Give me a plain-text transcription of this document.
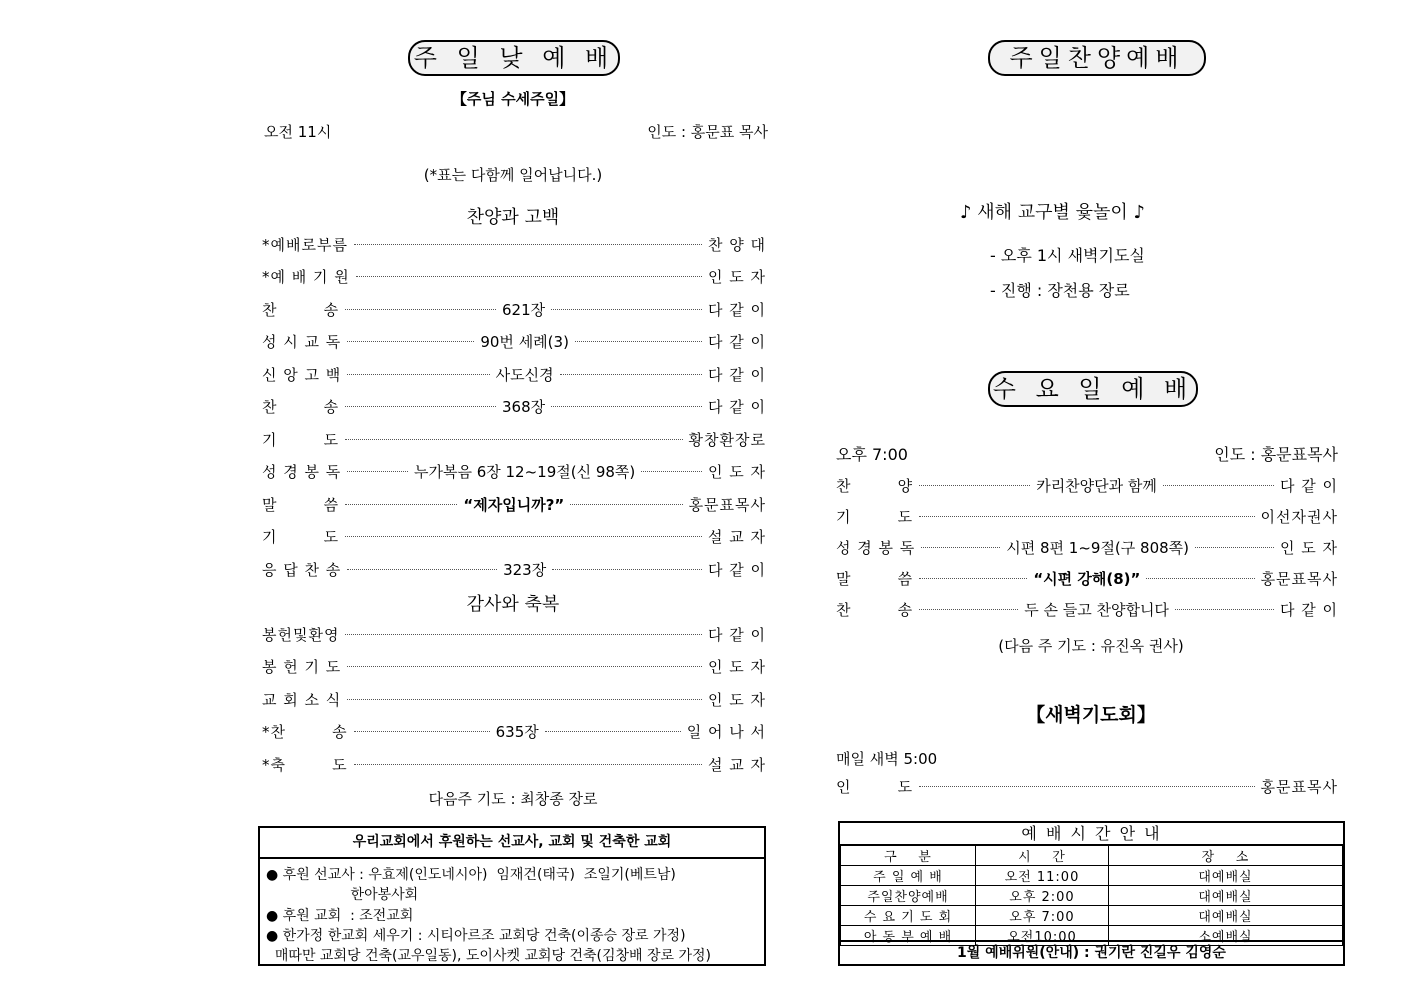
주 일 낮 예 배
【주님 수세주일】
오전 11시	인도 : 홍문표 목사
(*표는 다함께 일어납니다.)
찬양과 고백
*예배로부름	찬 양 대
*예 배 기 원	인 도 자
찬        송	621장	다 같 이
성 시 교 독	90번 세례(3)	다 같 이
신 앙 고 백	사도신경	다 같 이
찬        송	368장	다 같 이
기        도	황창환장로
성 경 봉 독	누가복음 6장 12~19절(신 98쪽)	인 도 자
말        씀	“제자입니까?”	홍문표목사
기        도	설 교 자
응 답 찬 송	323장	다 같 이
감사와 축복
봉헌및환영	다 같 이
봉 헌 기 도	인 도 자
교 회 소 식	인 도 자
*찬        송	635장	일 어 나 서
*축        도	설 교 자
다음주 기도 : 최창종 장로
우리교회에서 후원하는 선교사, 교회 및 건축한 교회
● 후원 선교사 : 우효제(인도네시아)  임재건(태국)  조일기(베트남)
한아봉사회
● 후원 교회  : 조전교회
● 한가정 한교회 세우기 : 시티아르조 교회당 건축(이종승 장로 가정)
매따만 교회당 건축(교우일동), 도이사켓 교회당 건축(김창배 장로 가정)
주일찬양예배
♪ 새해 교구별 윷놀이 ♪
- 오후 1시 새벽기도실
- 진행 : 장천용 장로
수 요 일 예 배
오후 7:00	인도 : 홍문표목사
찬        양	카리찬양단과 함께	다 같 이
기        도	이선자권사
성 경 봉 독	시편 8편 1~9절(구 808쪽)	인 도 자
말        씀	“시편 강해(8)”	홍문표목사
찬        송	두 손 들고 찬양합니다	다 같 이
(다음 주 기도 : 유진옥 권사)
【새벽기도회】
매일 새벽 5:00
인        도	홍문표목사
예 배 시 간 안 내
구    분	시    간	장    소
주 일 예 배	오전 11:00	대예배실
주일찬양예배	오후 2:00	대예배실
수 요 기 도 회	오후 7:00	대예배실
아 동 부 예 배	오전10:00	소예배실
1월 예배위원(안내) : 권기란 진길우 김영순
